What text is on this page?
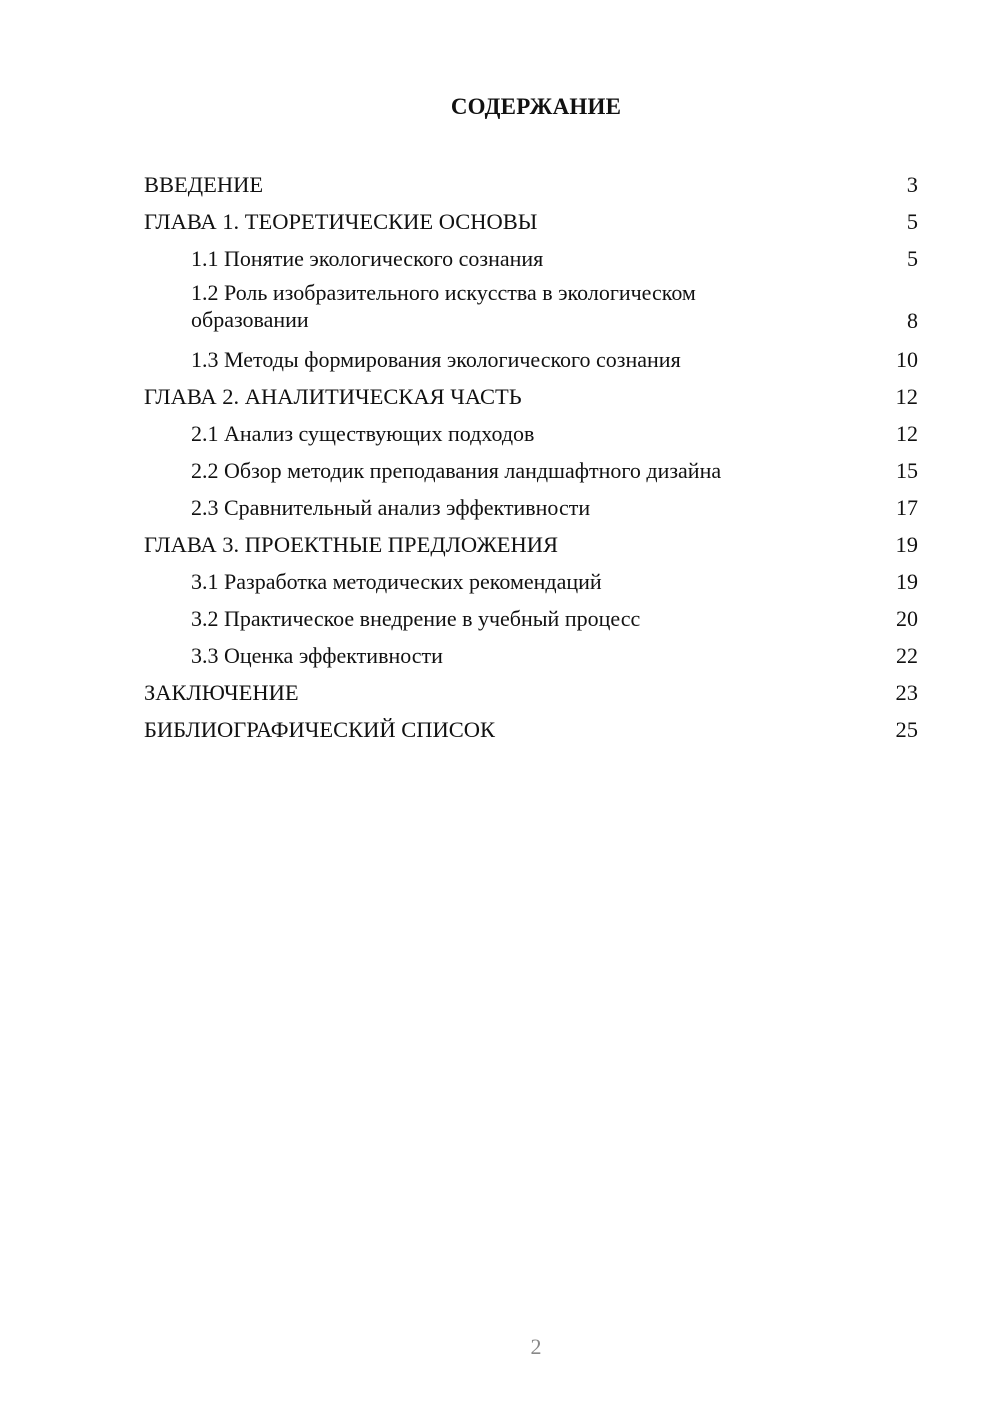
СОДЕРЖАНИЕ
ВВЕДЕНИЕ	3
ГЛАВА 1. ТЕОРЕТИЧЕСКИЕ ОСНОВЫ	5
1.1 Понятие экологического сознания	5
1.2 Роль изобразительного искусства в экологическом образовании	8
1.3 Методы формирования экологического сознания	10
ГЛАВА 2. АНАЛИТИЧЕСКАЯ ЧАСТЬ	12
2.1 Анализ существующих подходов	12
2.2 Обзор методик преподавания ландшафтного дизайна	15
2.3 Сравнительный анализ эффективности	17
ГЛАВА 3. ПРОЕКТНЫЕ ПРЕДЛОЖЕНИЯ	19
3.1 Разработка методических рекомендаций	19
3.2 Практическое внедрение в учебный процесс	20
3.3 Оценка эффективности	22
ЗАКЛЮЧЕНИЕ	23
БИБЛИОГРАФИЧЕСКИЙ СПИСОК	25
2
